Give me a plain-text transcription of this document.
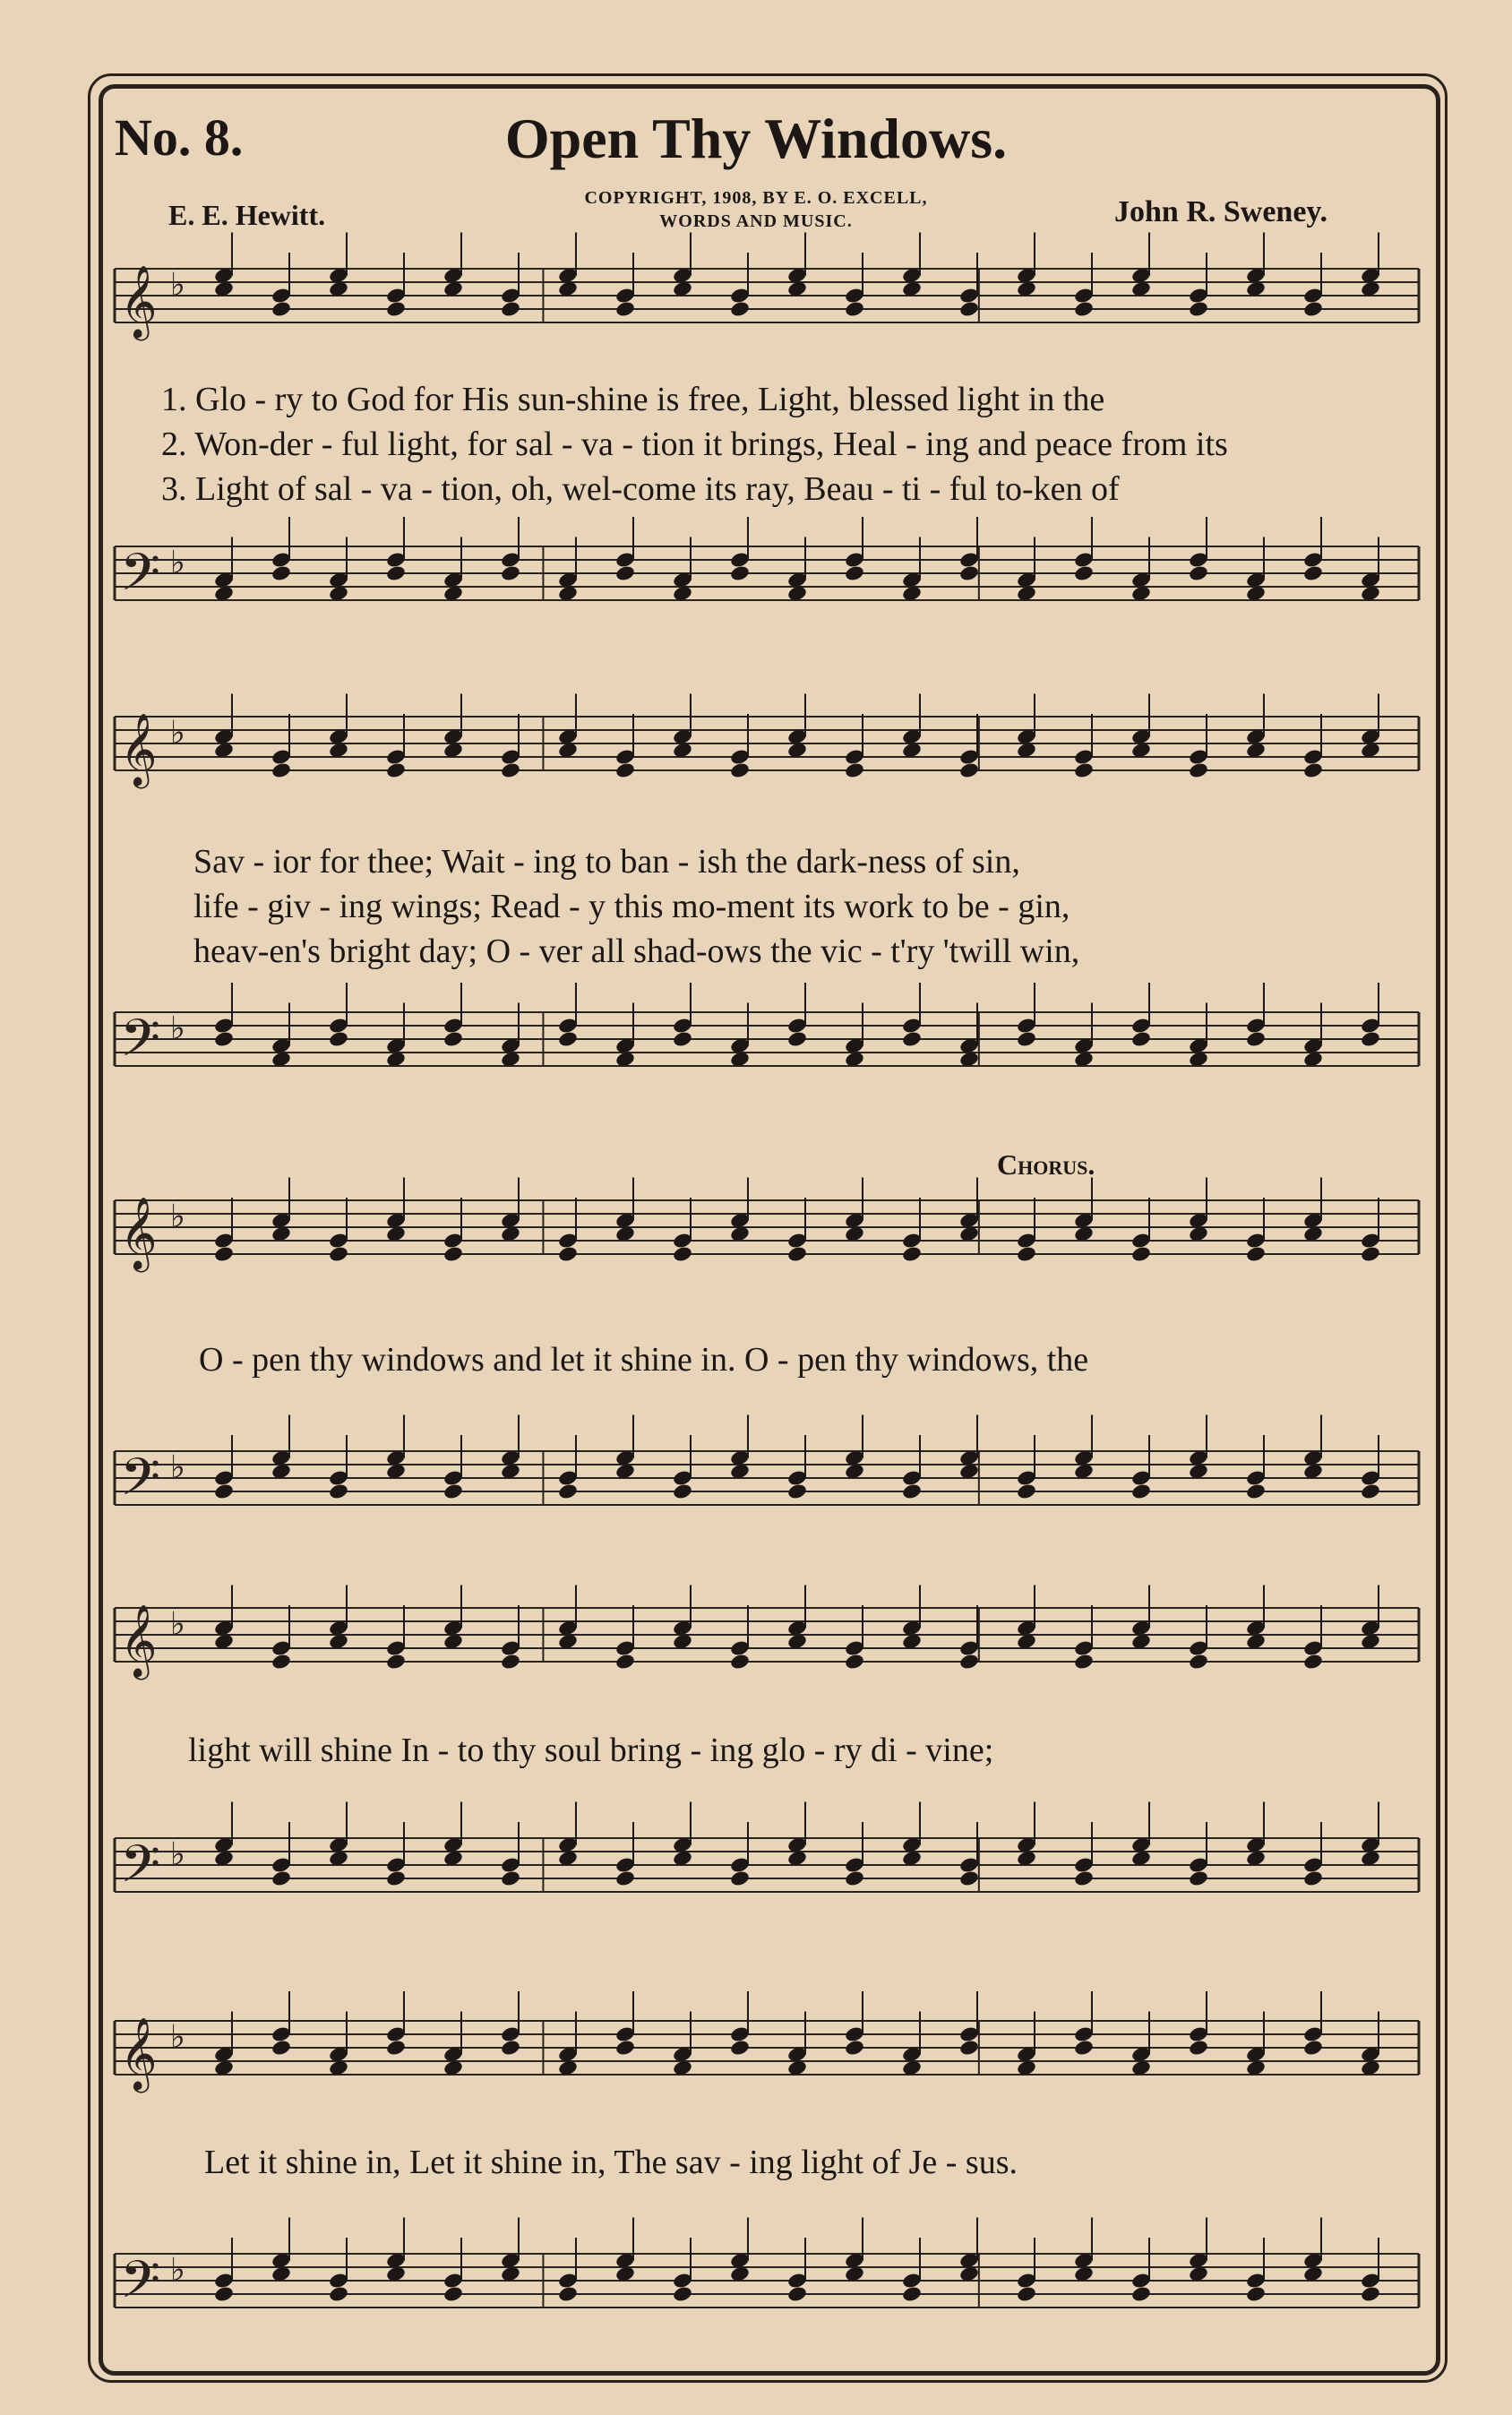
No. 8.	Open Thy Windows.
E. E. Hewitt.	John R. Sweney.
COPYRIGHT, 1908, BY E. O. EXCELL,
WORDS AND MUSIC.
𝄞 ♭
𝄢 ♭
𝄞 ♭
𝄢 ♭
𝄞 ♭
𝄢 ♭
𝄞 ♭
𝄢 ♭
𝄞 ♭
𝄢 ♭
1. Glo - ry to God for His sun-shine is free, Light, blessed light in the
2. Won-der - ful light, for sal - va - tion it brings, Heal - ing and peace from its
3. Light of sal - va - tion, oh, wel-come its ray, Beau - ti - ful to-ken of
Sav - ior for thee; Wait - ing to ban - ish the dark-ness of sin,
life - giv - ing wings; Read - y this mo-ment its work to be - gin,
heav-en's bright day; O - ver all shad-ows the vic - t'ry 'twill win,
Chorus.
O - pen thy windows and let it shine in. O - pen thy windows, the
light will shine In - to thy soul bring - ing glo - ry di - vine;
Let it shine in, Let it shine in, The sav - ing light of Je - sus.
